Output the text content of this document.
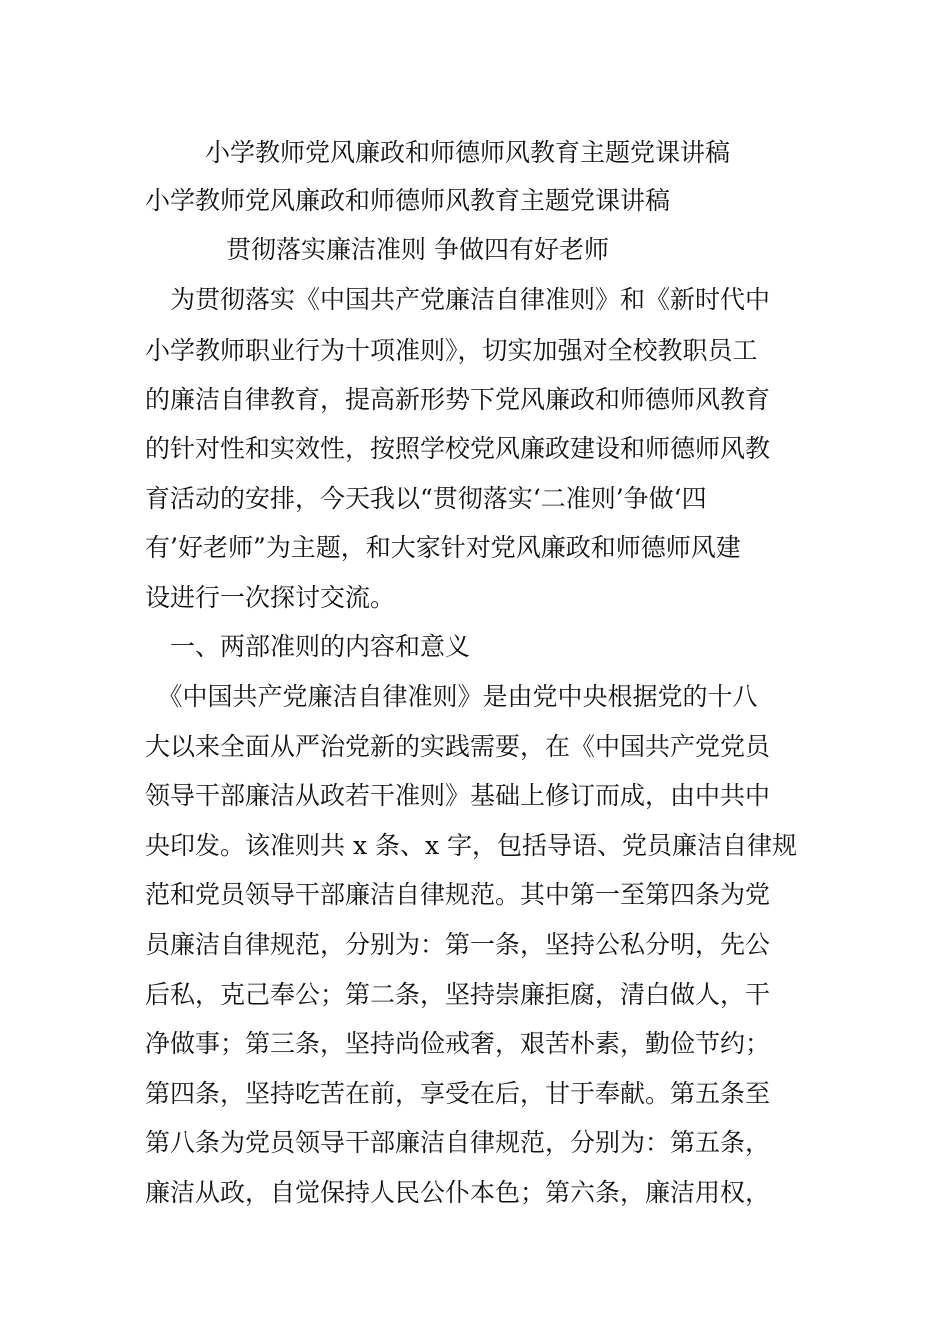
小学教师党风廉政和师德师风教育主题党课讲稿
小学教师党风廉政和师德师风教育主题党课讲稿
贯彻落实廉洁准则 争做四有好老师
　为贯彻落实《中国共产党廉洁自律准则》和《新时代中
小学教师职业行为十项准则》，切实加强对全校教职员工
的廉洁自律教育，提高新形势下党风廉政和师德师风教育
的针对性和实效性，按照学校党风廉政建设和师德师风教
育活动的安排，今天我以“贯彻落实‘二准则’争做‘四
有’好老师”为主题，和大家针对党风廉政和师德师风建
设进行一次探讨交流。
　一、两部准则的内容和意义
　《中国共产党廉洁自律准则》是由党中央根据党的十八
大以来全面从严治党新的实践需要，在《中国共产党党员
领导干部廉洁从政若干准则》基础上修订而成，由中共中
央印发。该准则共 x 条、x 字，包括导语、党员廉洁自律规
范和党员领导干部廉洁自律规范。其中第一至第四条为党
员廉洁自律规范，分别为：第一条，坚持公私分明，先公
后私，克己奉公；第二条，坚持崇廉拒腐，清白做人，干
净做事；第三条，坚持尚俭戒奢，艰苦朴素，勤俭节约；
第四条，坚持吃苦在前，享受在后，甘于奉献。第五条至
第八条为党员领导干部廉洁自律规范，分别为：第五条，
廉洁从政，自觉保持人民公仆本色；第六条，廉洁用权，
